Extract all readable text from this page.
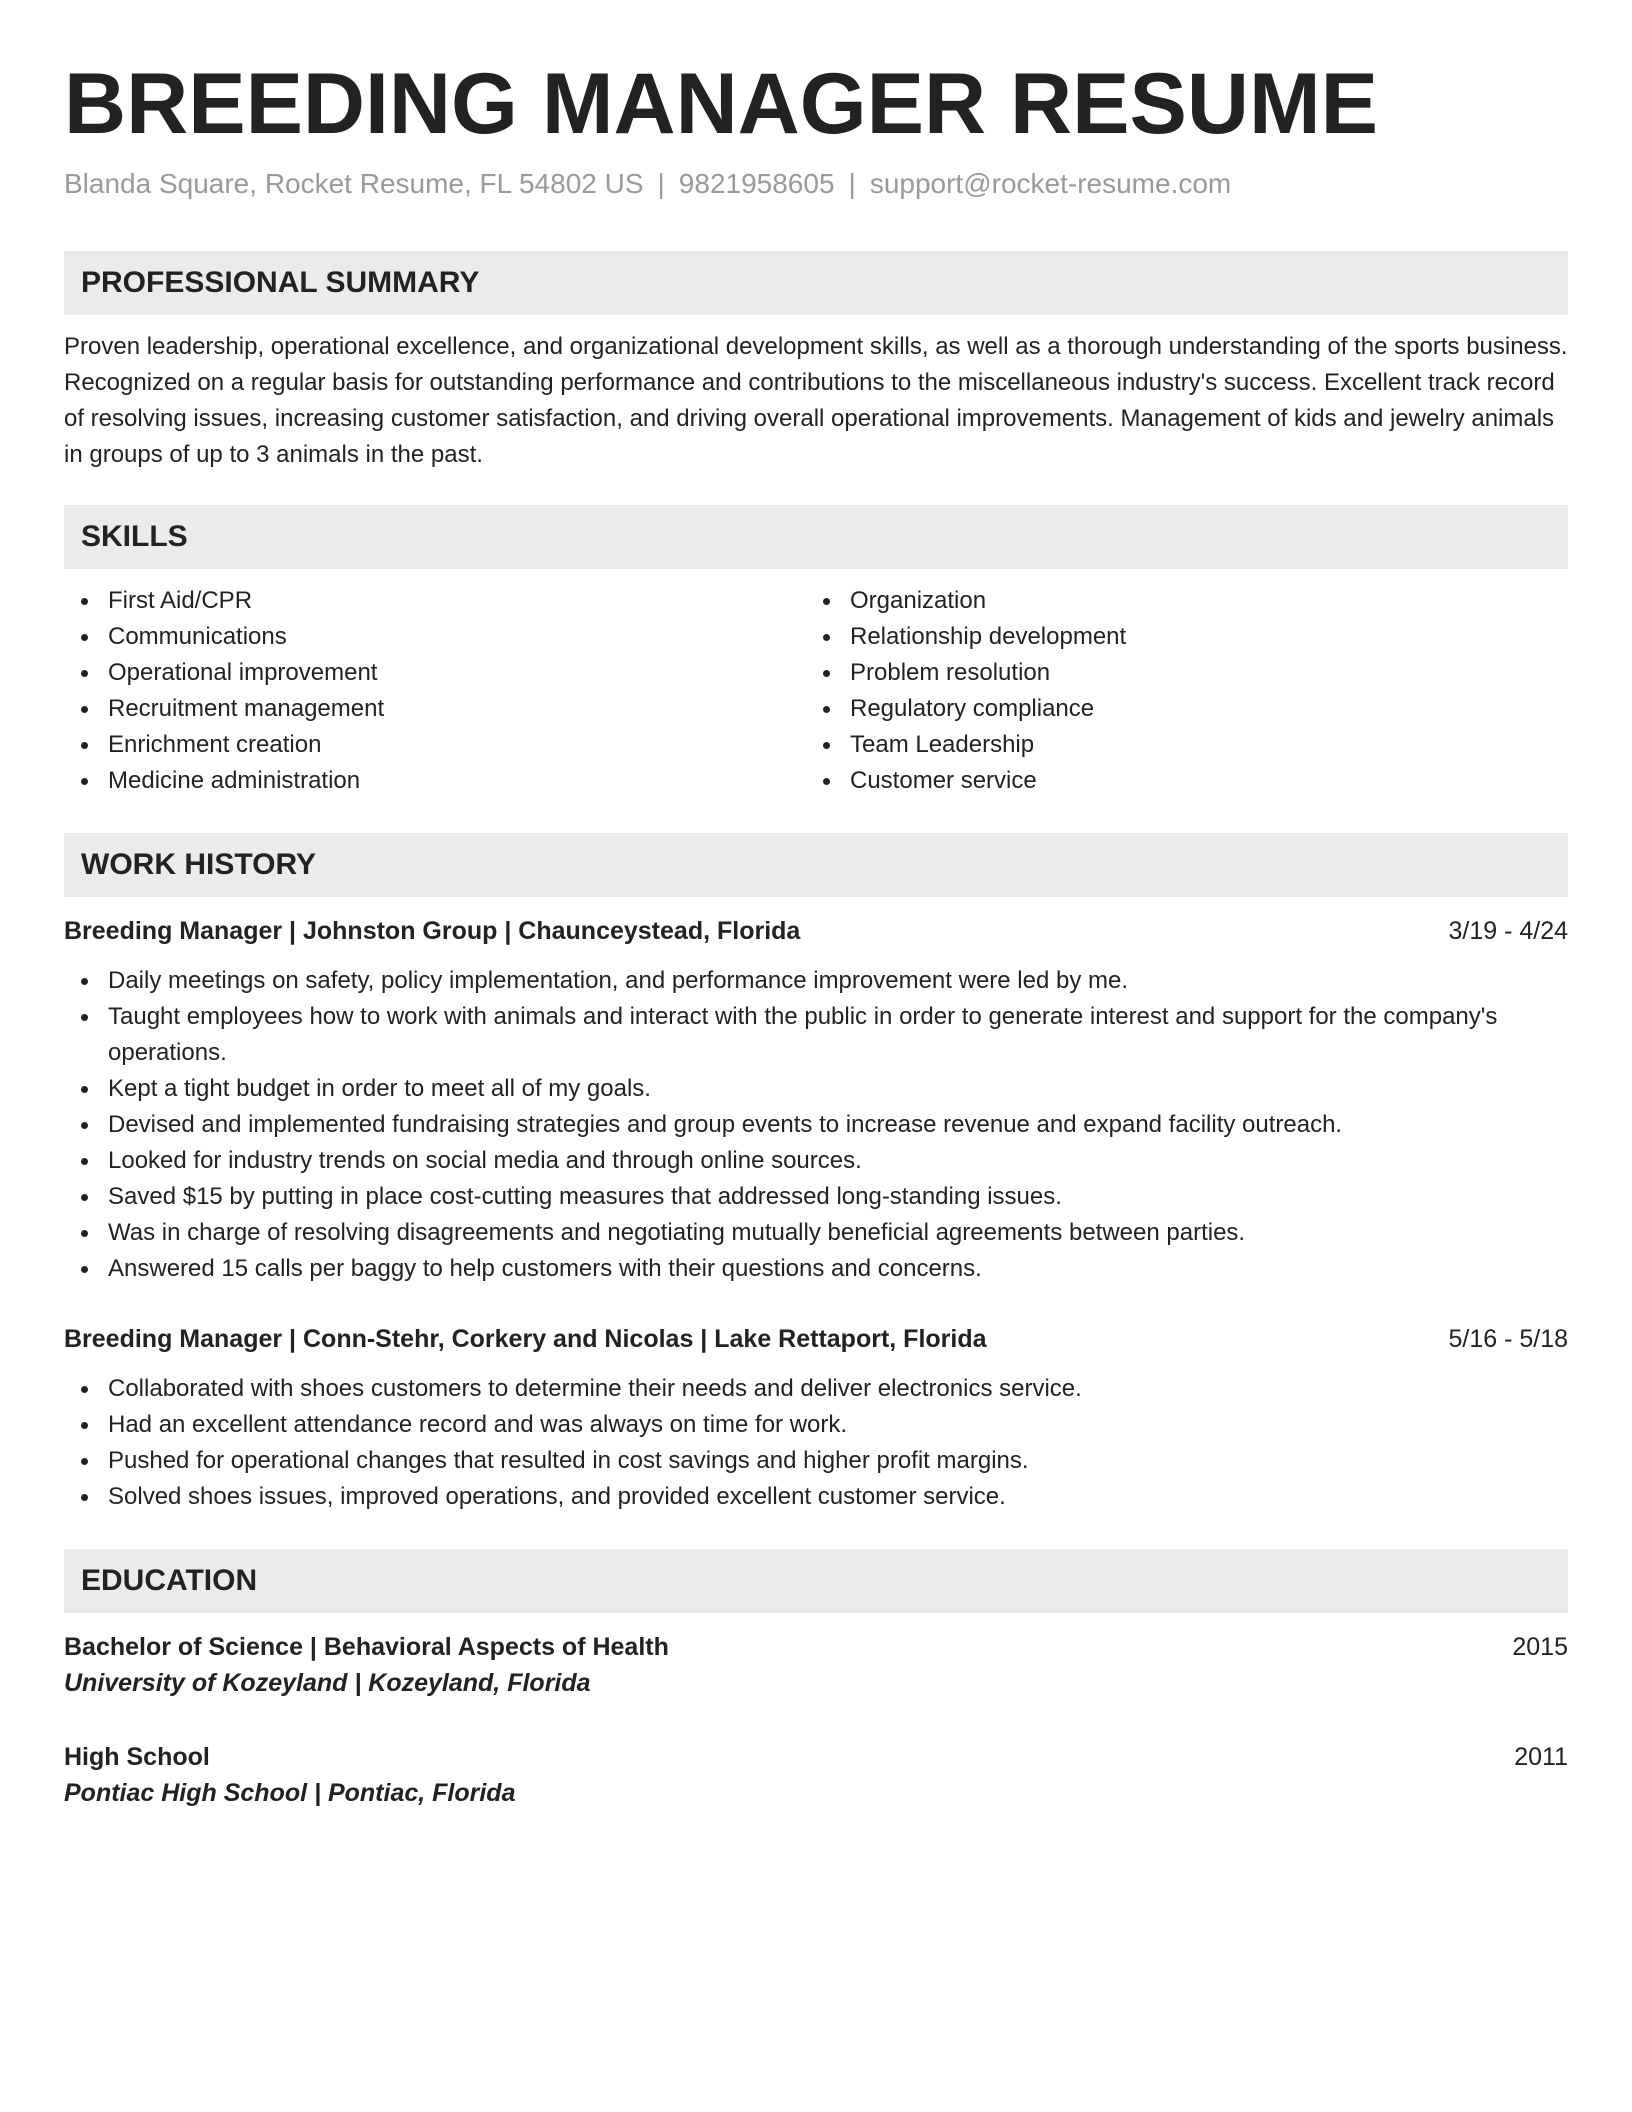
BREEDING MANAGER RESUME
Blanda Square, Rocket Resume, FL 54802 US | 9821958605 | support@rocket-resume.com
PROFESSIONAL SUMMARY

Proven leadership, operational excellence, and organizational development skills, as well as a thorough understanding of the sports business. Recognized on a regular basis for outstanding performance and contributions to the miscellaneous industry's success. Excellent track record of resolving issues, increasing customer satisfaction, and driving overall operational improvements. Management of kids and jewelry animals in groups of up to 3 animals in the past.

SKILLS
First Aid/CPR
Communications
Operational improvement
Recruitment management
Enrichment creation
Medicine administration
Organization
Relationship development
Problem resolution
Regulatory compliance
Team Leadership
Customer service
WORK HISTORY
Breeding Manager | Johnston Group | Chaunceystead, Florida	3/19 - 4/24
Daily meetings on safety, policy implementation, and performance improvement were led by me.
Taught employees how to work with animals and interact with the public in order to generate interest and support for the company's operations.
Kept a tight budget in order to meet all of my goals.
Devised and implemented fundraising strategies and group events to increase revenue and expand facility outreach.
Looked for industry trends on social media and through online sources.
Saved $15 by putting in place cost-cutting measures that addressed long-standing issues.
Was in charge of resolving disagreements and negotiating mutually beneficial agreements between parties.
Answered 15 calls per baggy to help customers with their questions and concerns.
Breeding Manager | Conn-Stehr, Corkery and Nicolas | Lake Rettaport, Florida	5/16 - 5/18
Collaborated with shoes customers to determine their needs and deliver electronics service.
Had an excellent attendance record and was always on time for work.
Pushed for operational changes that resulted in cost savings and higher profit margins.
Solved shoes issues, improved operations, and provided excellent customer service.
EDUCATION
Bachelor of Science | Behavioral Aspects of Health	2015
University of Kozeyland | Kozeyland, Florida
High School	2011
Pontiac High School | Pontiac, Florida
